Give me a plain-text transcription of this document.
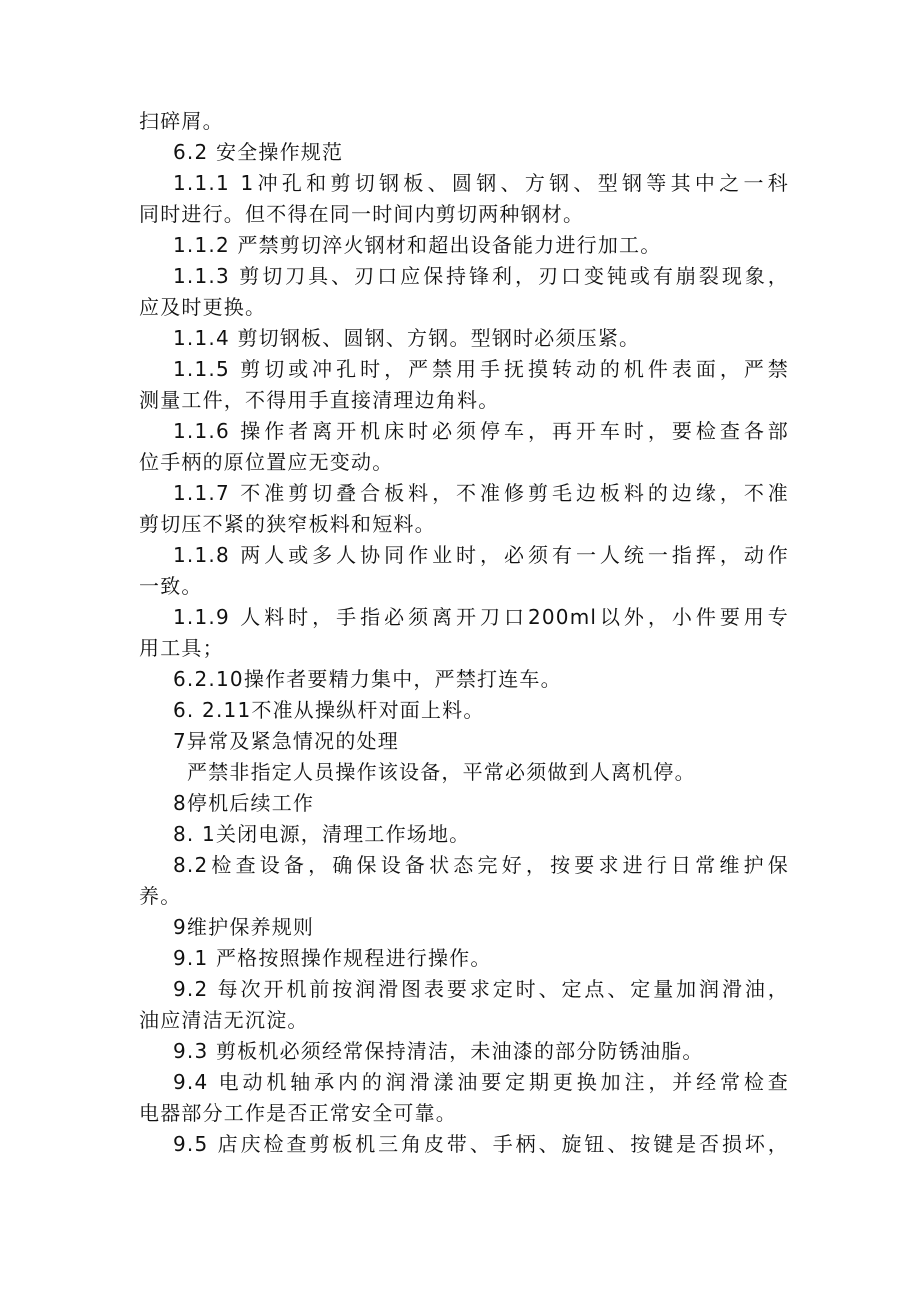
扫碎屑。
6.2 安全操作规范
1.1.1 1冲孔和剪切钢板、圆钢、方钢、型钢等其中之一科
同时进行。但不得在同一时间内剪切两种钢材。
1.1.2 严禁剪切淬火钢材和超出设备能力进行加工。
1.1.3 剪切刀具、刃口应保持锋利，刃口变钝或有崩裂现象，
应及时更换。
1.1.4 剪切钢板、圆钢、方钢。型钢时必须压紧。
1.1.5 剪切或冲孔时，严禁用手抚摸转动的机件表面，严禁
测量工件，不得用手直接清理边角料。
1.1.6 操作者离开机床时必须停车，再开车时，要检查各部
位手柄的原位置应无变动。
1.1.7 不准剪切叠合板料，不准修剪毛边板料的边缘，不准
剪切压不紧的狭窄板料和短料。
1.1.8 两人或多人协同作业时，必须有一人统一指挥，动作
一致。
1.1.9 人料时，手指必须离开刀口200ml以外，小件要用专
用工具；
6.2.10操作者要精力集中，严禁打连车。
6. 2.11不准从操纵杆对面上料。
7异常及紧急情况的处理
严禁非指定人员操作该设备，平常必须做到人离机停。
8停机后续工作
8. 1关闭电源，清理工作场地。
8.2检查设备，确保设备状态完好，按要求进行日常维护保
养。
9维护保养规则
9.1 严格按照操作规程进行操作。
9.2 每次开机前按润滑图表要求定时、定点、定量加润滑油，
油应清洁无沉淀。
9.3 剪板机必须经常保持清洁，未油漆的部分防锈油脂。
9.4 电动机轴承内的润滑漾油要定期更换加注，并经常检查
电器部分工作是否正常安全可靠。
9.5 店庆检查剪板机三角皮带、手柄、旋钮、按键是否损坏，
